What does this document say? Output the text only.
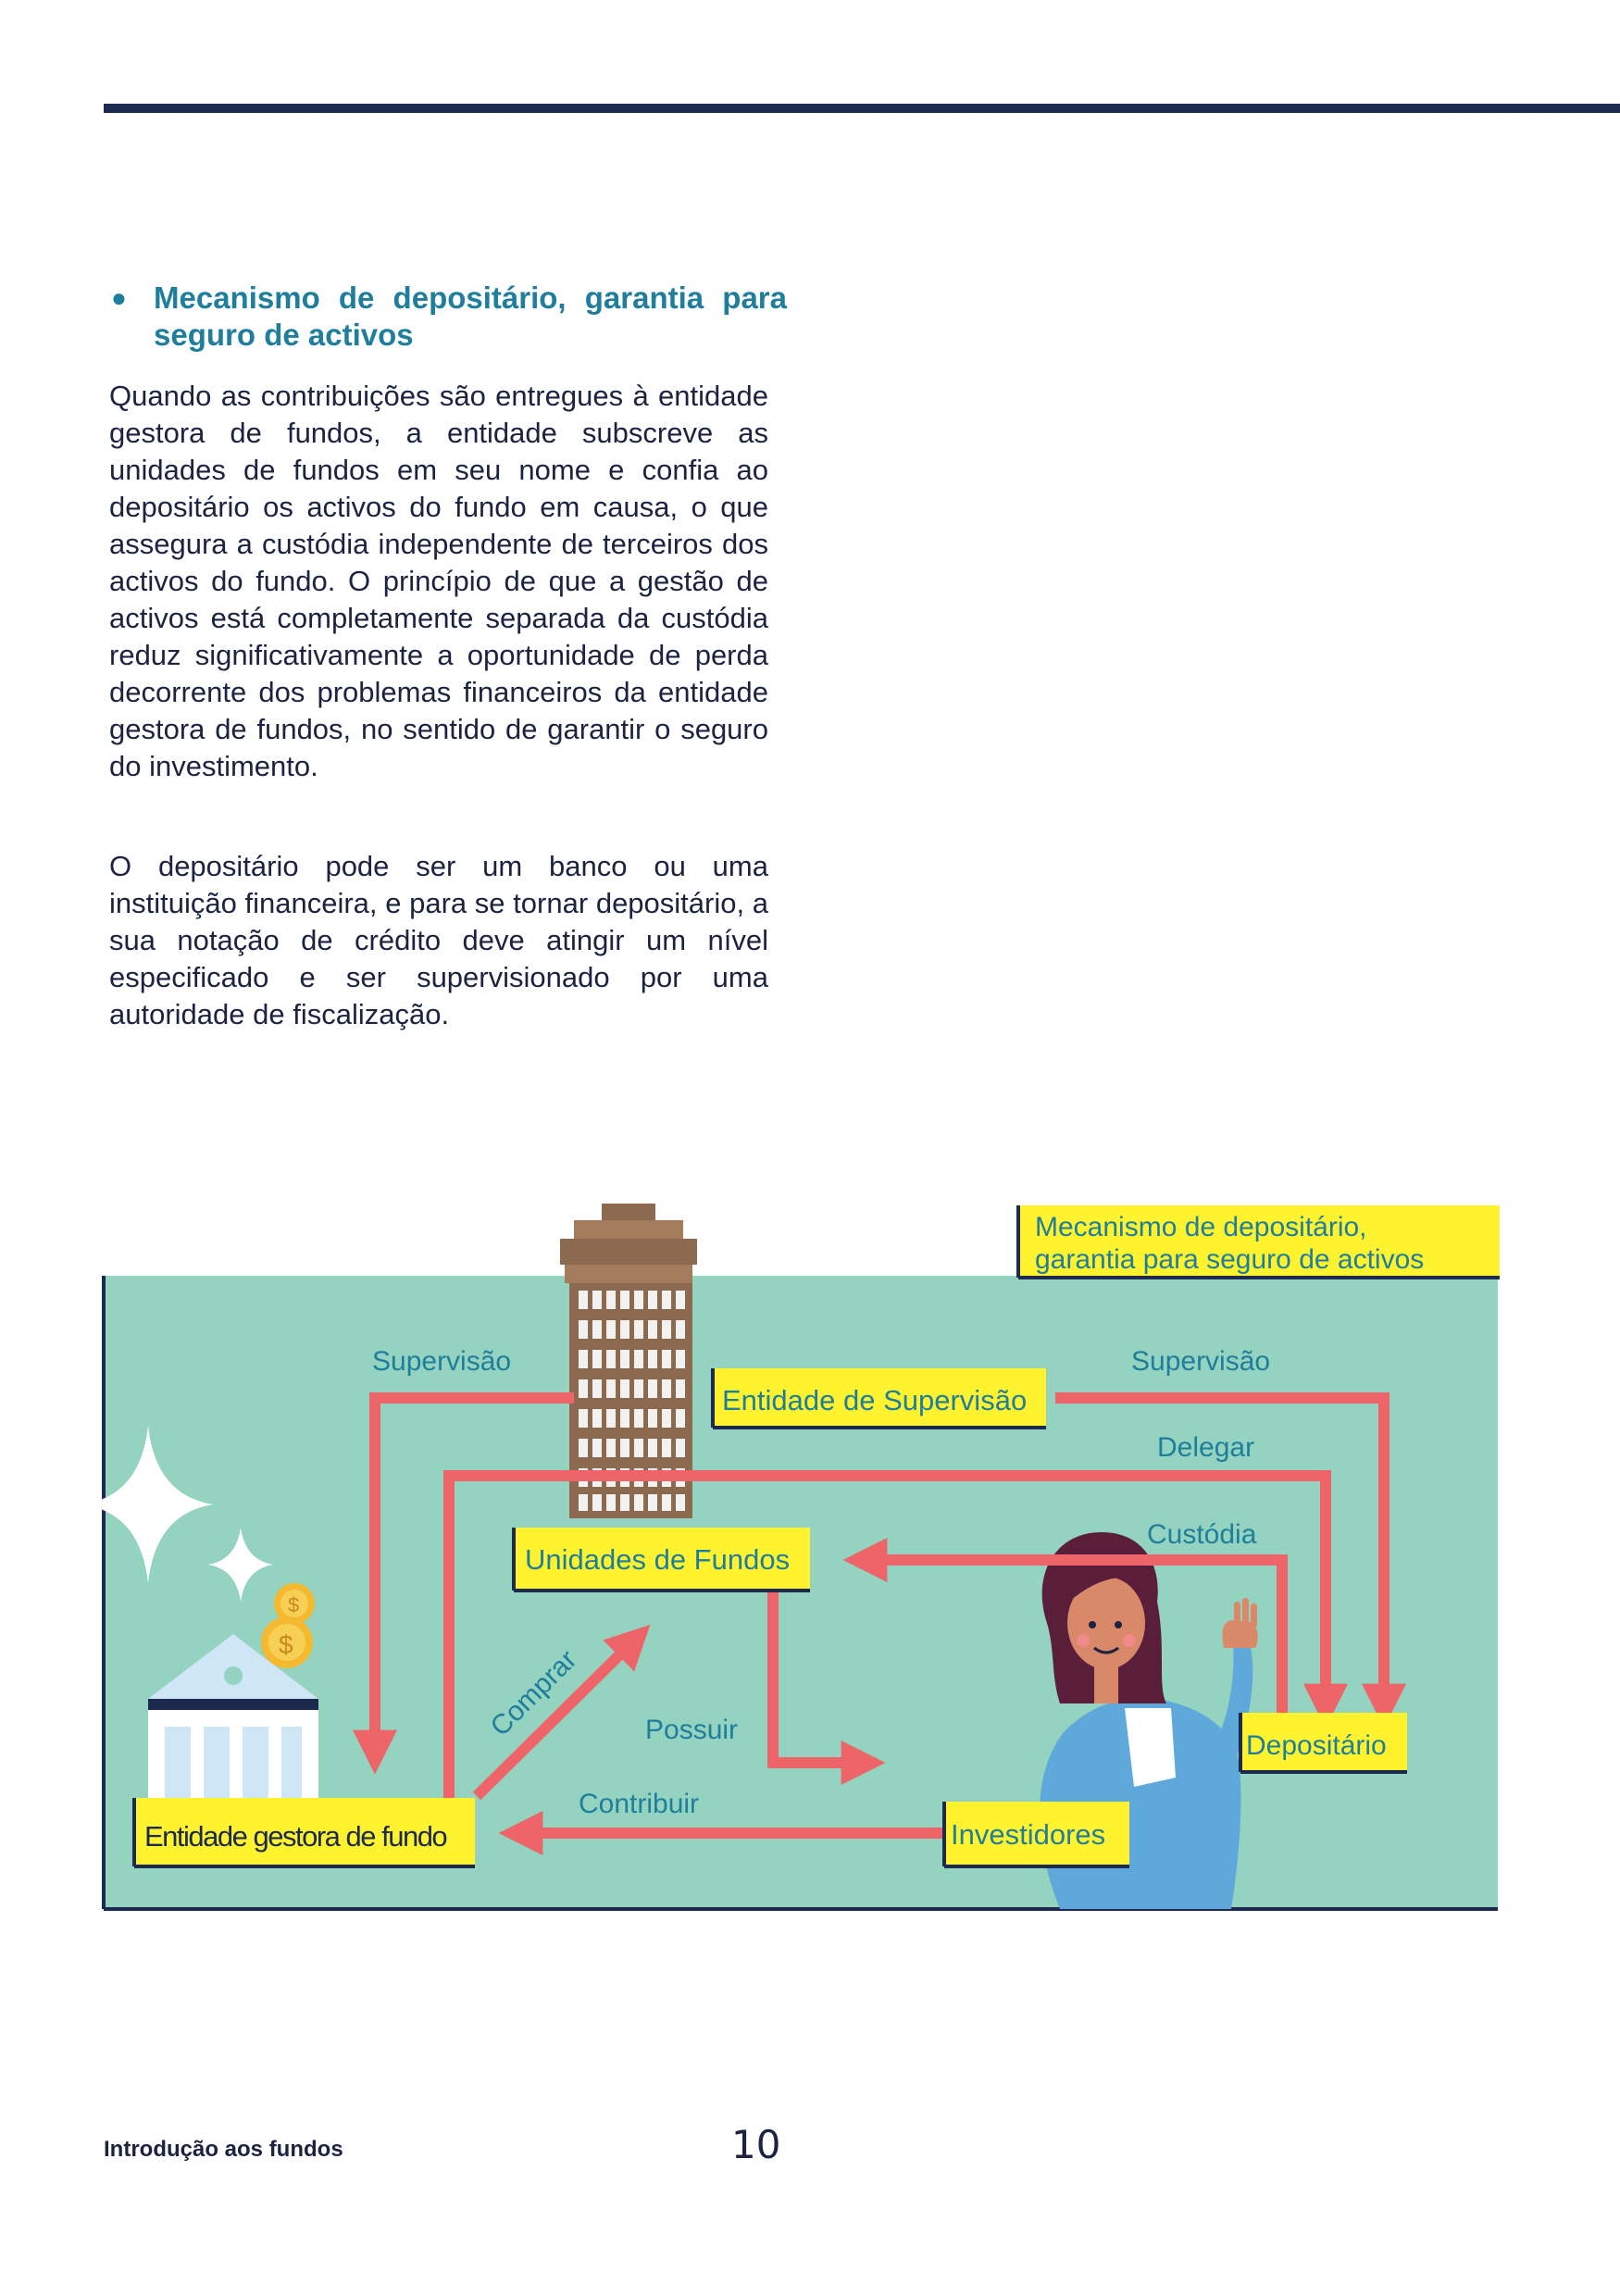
● Mecanismo de depositário, garantia para seguro de activos

Quando as contribuições são entregues à entidade gestora de fundos, a entidade subscreve as unidades de fundos em seu nome e confia ao depositário os activos do fundo em causa, o que assegura a custódia independente de terceiros dos activos do fundo. O princípio de que a gestão de activos está completamente separada da custódia reduz significativamente a oportunidade de perda decorrente dos problemas financeiros da entidade gestora de fundos, no sentido de garantir o seguro do investimento.

O depositário pode ser um banco ou uma instituição financeira, e para se tornar depositário, a sua notação de crédito deve atingir um nível especificado e ser supervisionado por uma autoridade de fiscalização.

Mecanismo de depositário,
garantia para seguro de activos
$
$
Supervisão	Supervisão
Delegar
Custódia
Comprar Possuir
Contribuir
Entidade de Supervisão
Unidades de Fundos
Depositário
Investidores
Entidade gestora de fundo
Introdução aos fundos	10
